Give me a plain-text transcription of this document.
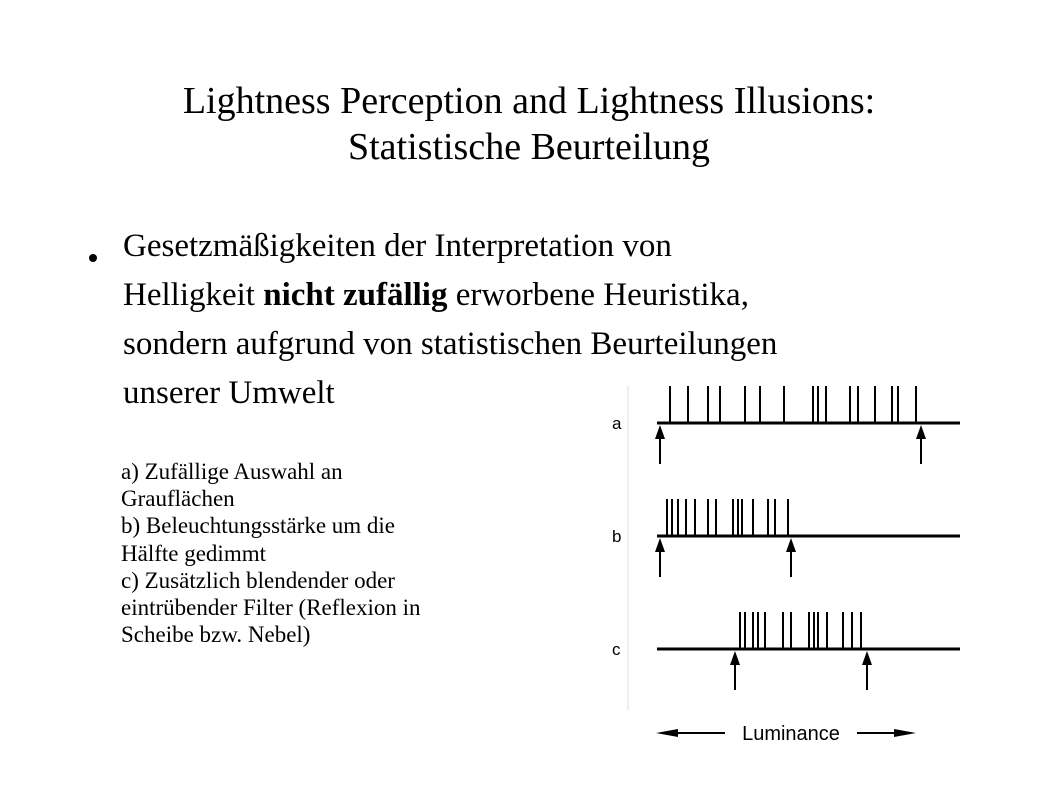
Lightness Perception and Lightness Illusions:
Statistische Beurteilung
Gesetzmäßigkeiten der Interpretation von
Helligkeit nicht zufällig erworbene Heuristika,
sondern aufgrund von statistischen Beurteilungen
unserer Umwelt
a) Zufällige Auswahl an
Grauflächen
b) Beleuchtungsstärke um die
Hälfte gedimmt
c) Zusätzlich blendender oder
eintrübender Filter (Reflexion in
Scheibe bzw. Nebel)
a
b
c
Luminance
